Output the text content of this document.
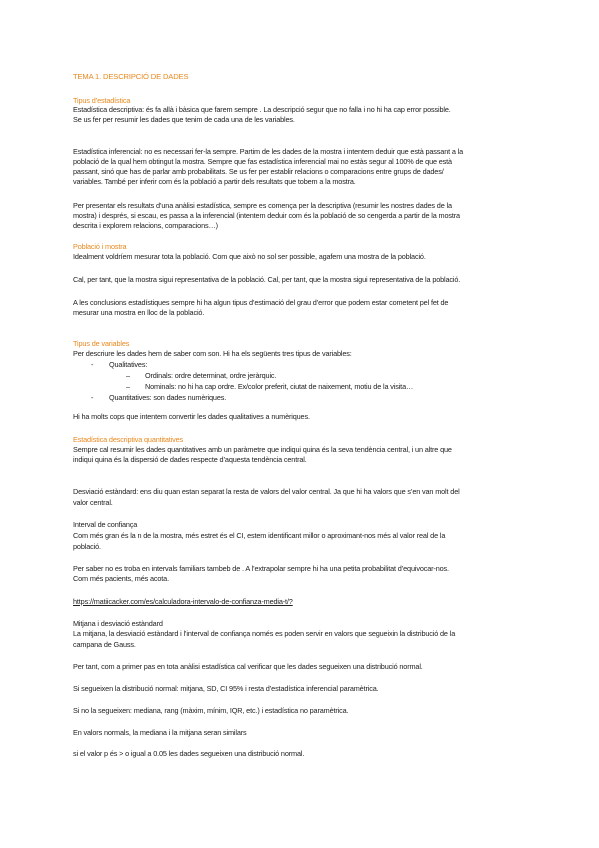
TEMA 1. DESCRIPCIÓ DE DADES
Tipus d’estadística
Estadística descriptiva: és fa allà i bàsica que farem sempre . La descripció segur que no falla i no hi ha cap error possible.
Se us fer per resumir les dades que tenim de cada una de les variables.
Estadística inferencial: no es necessari fer-la sempre. Partim de les dades de la mostra i intentem deduir que està passant a la
població de la qual hem obtingut la mostra. Sempre que fas estadística inferencial mai no estàs segur al 100% de que està
passant, sinó que has de parlar amb probabilitats. Se us fer per establir relacions o comparacions entre grups de dades/
variables. També per inferir com és la població a partir dels resultats que tobem a la mostra.
Per presentar els resultats d’una anàlisi estadística, sempre es comença per la descriptiva (resumir les nostres dades de la
mostra) i després, si escau, es passa a la inferencial (intentem deduir com és la població de so cengerda a partir de la mostra
descrita i explorem relacions, comparacions…)
Població i mostra
Idealment voldríem mesurar tota la població. Com que això no sol ser possible, agafem una mostra de la població.
Cal, per tant, que la mostra sigui representativa de la població. Cal, per tant, que la mostra sigui representativa de la població.
A les conclusions estadístiques sempre hi ha algun tipus d’estimació del grau d’error que podem estar cometent pel fet de
mesurar una mostra en lloc de la població.
Tipus de variables
Per descriure les dades hem de saber com son. Hi ha els següents tres tipus de variables:
- Qualitatives:
– Ordinals: ordre determinat, ordre jeràrquic.
– Nominals: no hi ha cap ordre. Ex/color preferit, ciutat de naixement, motiu de la visita…
- Quantitatives: son dades numèriques.
Hi ha molts cops que intentem convertir les dades qualitatives a numèriques.
Estadística descriptiva quantitatives
Sempre cal resumir les dades quantitatives amb un paràmetre que indiqui quina és la seva tendència central, i un altre que
indiqui quina és la dispersió de dades respecte d’aquesta tendència central.
Desviació estàndard: ens diu quan estan separat la resta de valors del valor central. Ja que hi ha valors que s’en van molt del
valor central.
Interval de confiança
Com més gran és la n de la mostra, més estret és el CI, estem identificant millor o aproximant-nos més al valor real de la
població.
Per saber no es troba en intervals familiars tambeb de . A l’extrapolar sempre hi ha una petita probabilitat d’equivocar-nos.
Com més pacients, més acota.
https://matiicacker.com/es/calculadora-intervalo-de-confianza-media-t/?
Mitjana i desviació estàndard
La mitjana, la desviació estàndard i l’interval de confiança només es poden servir en valors que segueixin la distribució de la
campana de Gauss.
Per tant, com a primer pas en tota anàlisi estadística cal verificar que les dades segueixen una distribució normal.
Si segueixen la distribució normal: mitjana, SD, CI 95% i resta d’estadística inferencial paramètrica.
Si no la segueixen: mediana, rang (màxim, mínim, IQR, etc.) i estadística no paramètrica.
En valors normals, la mediana i la mitjana seran similars
si el valor p és > o igual a 0.05 les dades segueixen una distribució normal.
